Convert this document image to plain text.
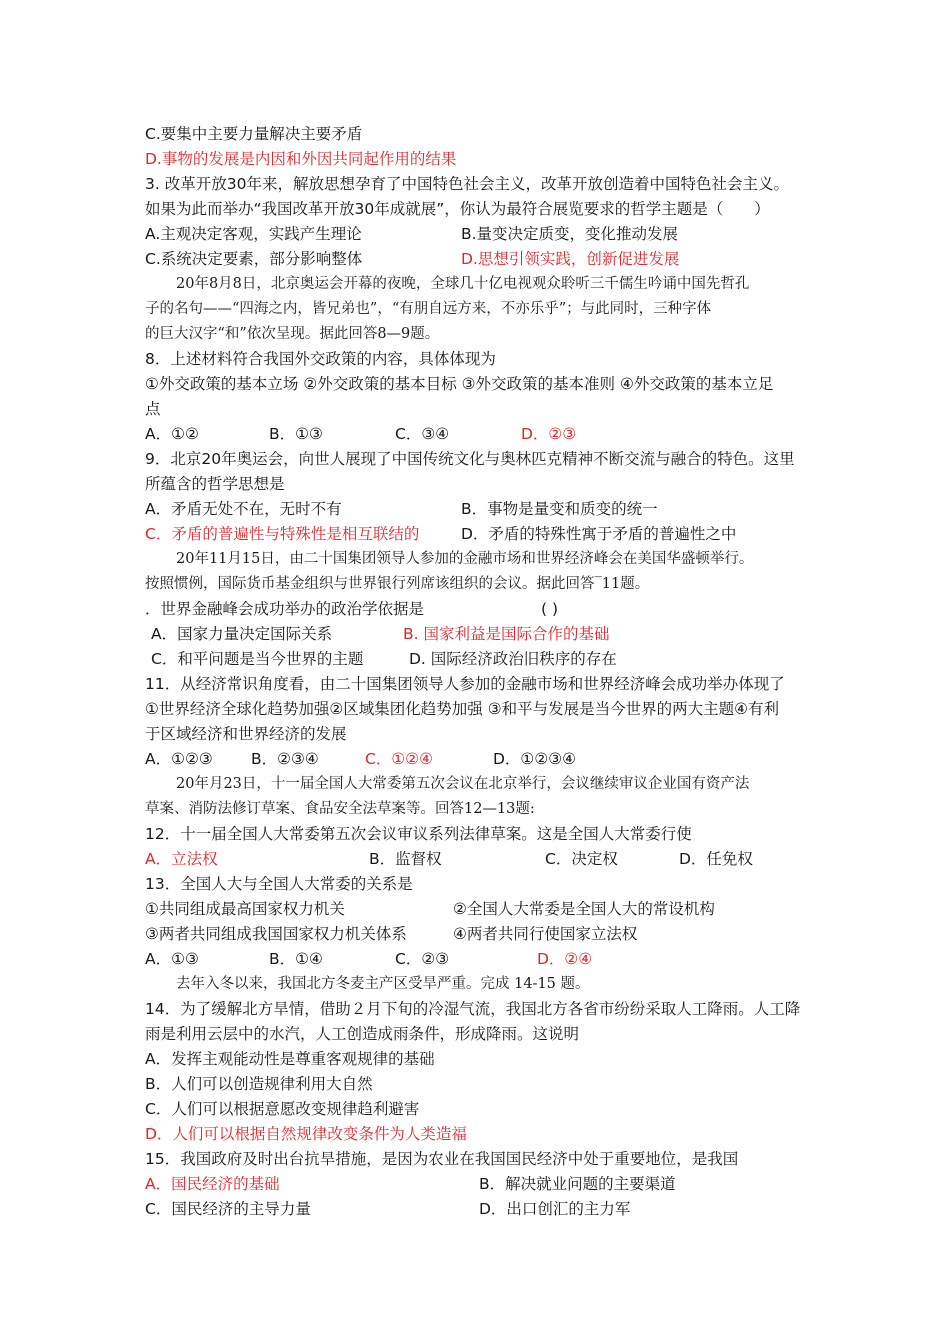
C.要集中主要力量解决主要矛盾
D.事物的发展是内因和外因共同起作用的结果
3. 改革开放30年来，解放思想孕育了中国特色社会主义，改革开放创造着中国特色社会主义。
如果为此而举办“我国改革开放30年成就展”，你认为最符合展览要求的哲学主题是（　　）
A.主观决定客观，实践产生理论	B.量变决定质变，变化推动发展
C.系统决定要素，部分影响整体	D.思想引领实践，创新促进发展
20年8月8日，北京奥运会开幕的夜晚，全球几十亿电视观众聆听三千儒生吟诵中国先哲孔
子的名句——“四海之内，皆兄弟也”，“有朋自远方来，不亦乐乎”；与此同时，三种字体
的巨大汉字“和”依次呈现。据此回答8—9题。
8．上述材料符合我国外交政策的内容，具体体现为
①外交政策的基本立场 ②外交政策的基本目标 ③外交政策的基本准则 ④外交政策的基本立足
点
A．①②	B．①③	C．③④	D．②③
9．北京20年奥运会，向世人展现了中国传统文化与奥林匹克精神不断交流与融合的特色。这里
所蕴含的哲学思想是
A．矛盾无处不在，无时不有	B．事物是量变和质变的统一
C．矛盾的普遍性与特殊性是相互联结的	D．矛盾的特殊性寓于矛盾的普遍性之中
20年11月15日，由二十国集团领导人参加的金融市场和世界经济峰会在美国华盛顿举行。
按照惯例，国际货币基金组织与世界银行列席该组织的会议。据此回答‾11题。
．世界金融峰会成功举办的政治学依据是	( )
A．国家力量决定国际关系	B. 国家利益是国际合作的基础
C．和平问题是当今世界的主题	D. 国际经济政治旧秩序的存在
11．从经济常识角度看，由二十国集团领导人参加的金融市场和世界经济峰会成功举办体现了
①世界经济全球化趋势加强②区域集团化趋势加强 ③和平与发展是当今世界的两大主题④有利
于区域经济和世界经济的发展
A．①②③ B．②③④	C．①②④	D．①②③④
20年月23日，十一届全国人大常委第五次会议在北京举行，会议继续审议企业国有资产法
草案、消防法修订草案、食品安全法草案等。回答12—13题:
12．十一届全国人大常委第五次会议审议系列法律草案。这是全国人大常委行使
A．立法权	B．监督权	C．决定权	D．任免权
13．全国人大与全国人大常委的关系是
①共同组成最高国家权力机关	②全国人大常委是全国人大的常设机构
③两者共同组成我国国家权力机关体系	④两者共同行使国家立法权
A．①③	B．①④	C．②③	D．②④
去年入冬以来，我国北方冬麦主产区受旱严重。完成 14-15 题。
14．为了缓解北方旱情，借助２月下旬的冷湿气流，我国北方各省市纷纷采取人工降雨。人工降
雨是利用云层中的水汽，人工创造成雨条件，形成降雨。这说明
A．发挥主观能动性是尊重客观规律的基础
B．人们可以创造规律利用大自然
C．人们可以根据意愿改变规律趋利避害
D．人们可以根据自然规律改变条件为人类造福
15．我国政府及时出台抗旱措施，是因为农业在我国国民经济中处于重要地位，是我国
A．国民经济的基础	B．解决就业问题的主要渠道
C．国民经济的主导力量	D．出口创汇的主力军
